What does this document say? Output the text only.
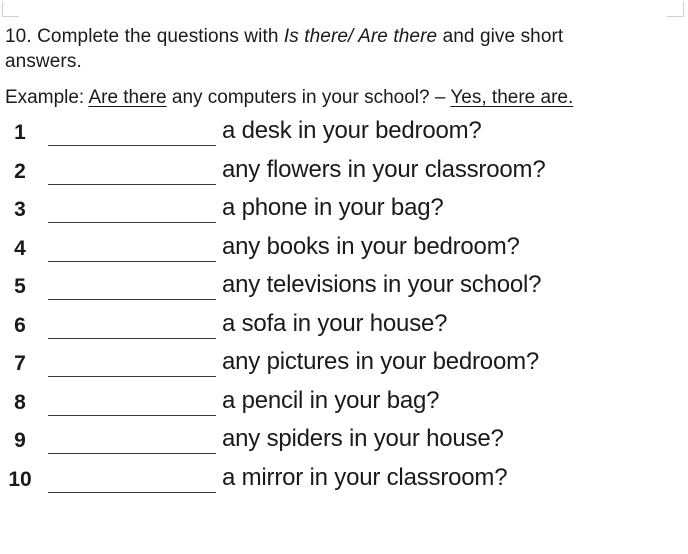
10. Complete the questions with Is there/ Are there and give short answers.
Example: Are there any computers in your school? – Yes, there are.
1	a desk in your bedroom?
2	any flowers in your classroom?
3	a phone in your bag?
4	any books in your bedroom?
5	any televisions in your school?
6	a sofa in your house?
7	any pictures in your bedroom?
8	a pencil in your bag?
9	any spiders in your house?
10	a mirror in your classroom?
